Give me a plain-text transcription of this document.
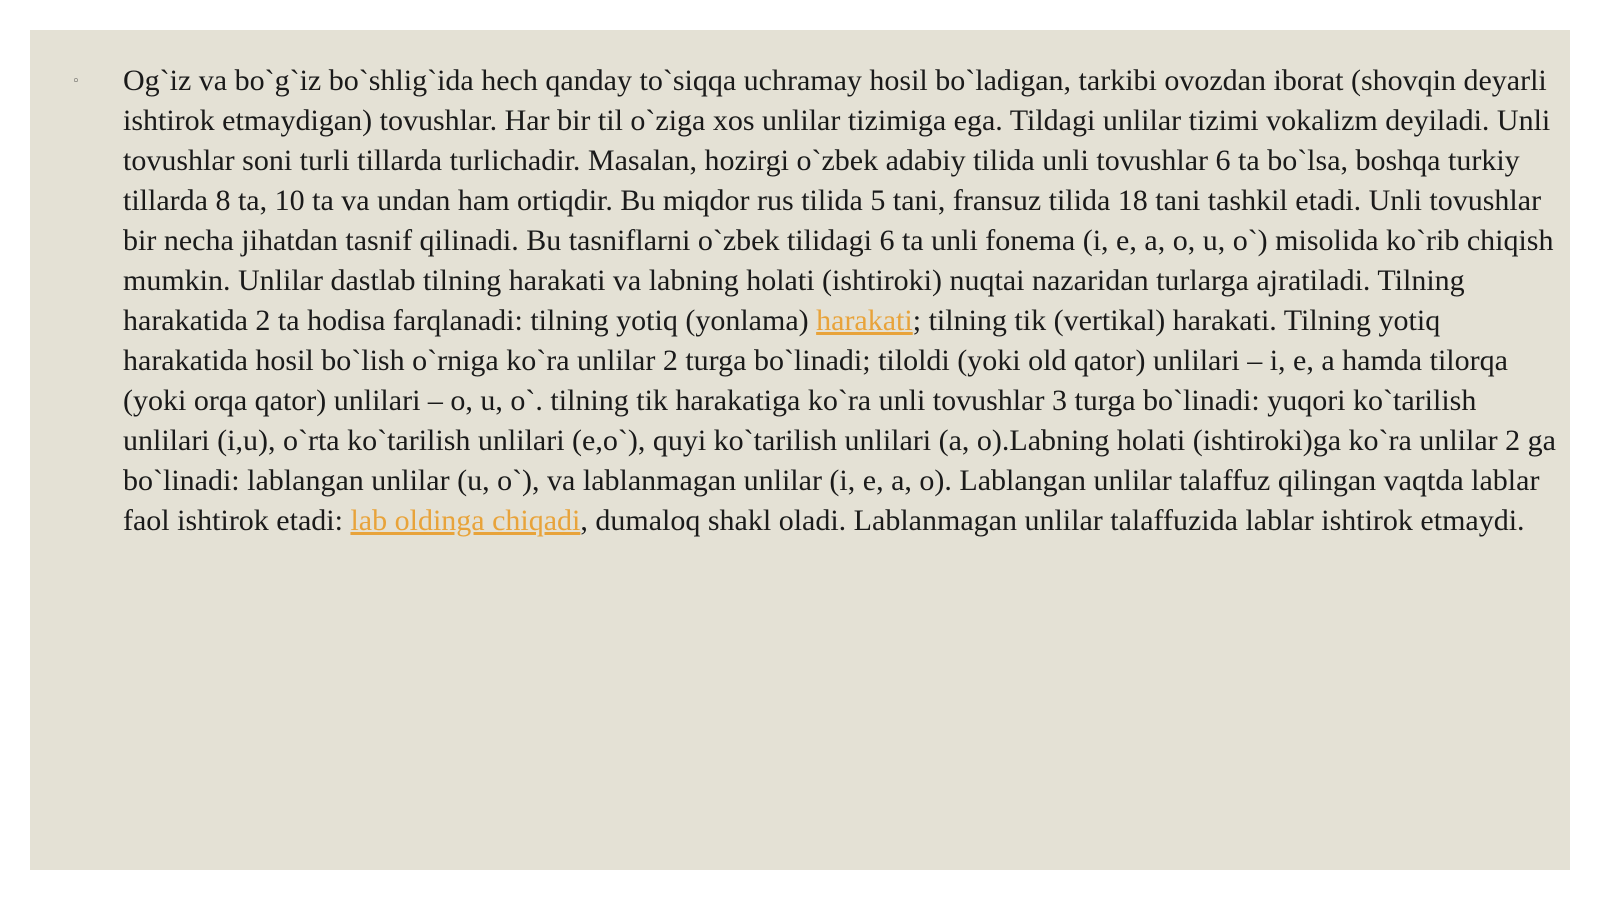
◦ Og`iz va bo`g`iz bo`shlig`ida hech qanday to`siqqa uchramay hosil bo`ladigan, tarkibi ovozdan iborat (shovqin deyarli ishtirok etmaydigan) tovushlar. Har bir til o`ziga xos unlilar tizimiga ega. Tildagi unlilar tizimi vokalizm deyiladi. Unli tovushlar soni turli tillarda turlichadir. Masalan, hozirgi o`zbek adabiy tilida unli tovushlar 6 ta bo`lsa, boshqa turkiy tillarda 8 ta, 10 ta va undan ham ortiqdir. Bu miqdor rus tilida 5 tani, fransuz tilida 18 tani tashkil etadi. Unli tovushlar bir necha jihatdan tasnif qilinadi. Bu tasniflarni o`zbek tilidagi 6 ta unli fonema (i, e, a, o, u, o`) misolida ko`rib chiqish mumkin. Unlilar dastlab tilning harakati va labning holati (ishtiroki) nuqtai nazaridan turlarga ajratiladi. Tilning harakatida 2 ta hodisa farqlanadi: tilning yotiq (yonlama) harakati; tilning tik (vertikal) harakati. Tilning yotiq harakatida hosil bo`lish o`rniga ko`ra unlilar 2 turga bo`linadi; tiloldi (yoki old qator) unlilari – i, e, a hamda tilorqa (yoki orqa qator) unlilari – o, u, o`. tilning tik harakatiga ko`ra unli tovushlar 3 turga bo`linadi: yuqori ko`tarilish unlilari (i,u), o`rta ko`tarilish unlilari (e,o`), quyi ko`tarilish unlilari (a, o).Labning holati (ishtiroki)ga ko`ra unlilar 2 ga bo`linadi: lablangan unlilar (u, o`), va lablanmagan unlilar (i, e, a, o). Lablangan unlilar talaffuz qilingan vaqtda lablar faol ishtirok etadi: lab oldinga chiqadi, dumaloq shakl oladi. Lablanmagan unlilar talaffuzida lablar ishtirok etmaydi.
